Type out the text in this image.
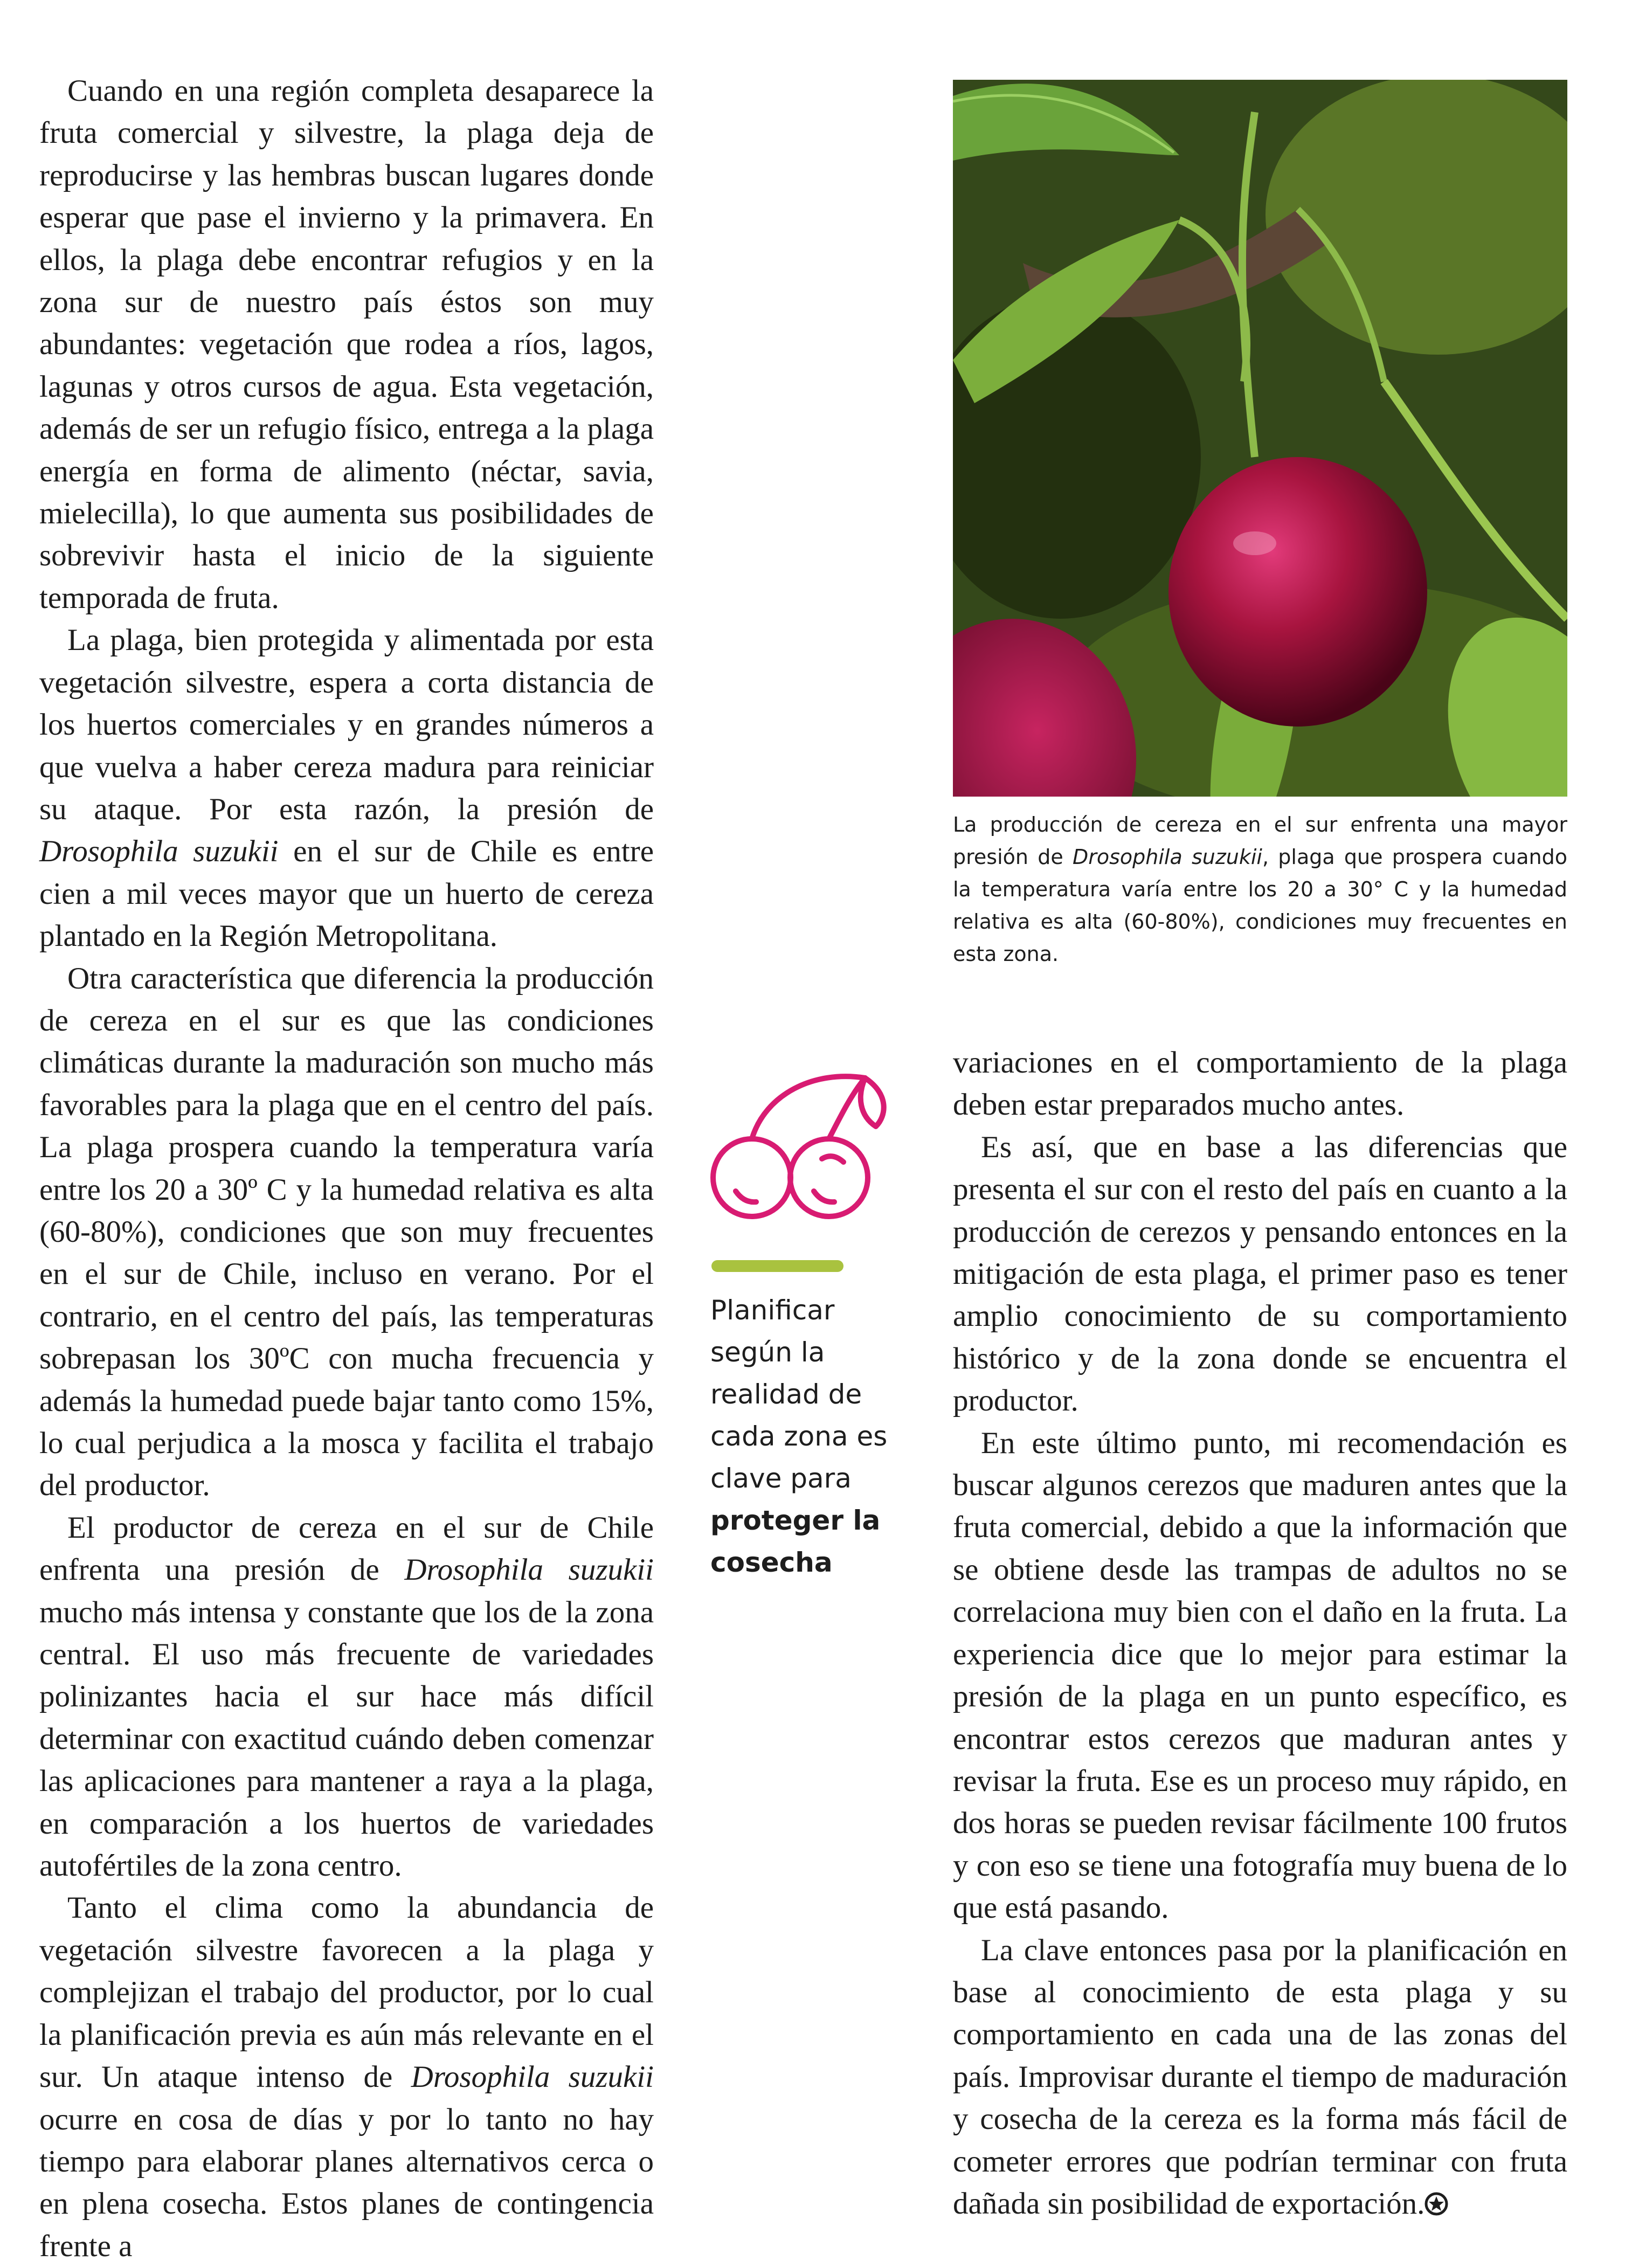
Cuando en una región completa desaparece la fruta comercial y silvestre, la plaga deja de reproducirse y las hembras buscan lugares donde esperar que pase el invierno y la primavera. En ellos, la plaga debe encontrar refugios y en la zona sur de nuestro país éstos son muy abundantes: vegetación que rodea a ríos, lagos, lagunas y otros cursos de agua. Esta vegetación, además de ser un refugio físico, entrega a la plaga energía en forma de alimento (néctar, savia, mielecilla), lo que aumenta sus posibilidades de sobrevivir hasta el inicio de la siguiente temporada de fruta.

La plaga, bien protegida y alimentada por esta vegetación silvestre, espera a corta distancia de los huertos comerciales y en grandes números a que vuelva a haber cereza madura para reiniciar su ataque. Por esta razón, la presión de Drosophila suzukii en el sur de Chile es entre cien a mil veces mayor que un huerto de cereza plantado en la Región Metropolitana.

Otra característica que diferencia la producción de cereza en el sur es que las condiciones climáticas durante la maduración son mucho más favorables para la plaga que en el centro del país. La plaga prospera cuando la temperatura varía entre los 20 a 30º C y la humedad relativa es alta (60-80%), condiciones que son muy frecuentes en el sur de Chile, incluso en verano. Por el contrario, en el centro del país, las temperaturas sobrepasan los 30ºC con mucha frecuencia y además la humedad puede bajar tanto como 15%, lo cual perjudica a la mosca y facilita el trabajo del productor.

El productor de cereza en el sur de Chile enfrenta una presión de Drosophila suzukii mucho más intensa y constante que los de la zona central. El uso más frecuente de variedades polinizantes hacia el sur hace más difícil determinar con exactitud cuándo deben comenzar las aplicaciones para mantener a raya a la plaga, en comparación a los huertos de variedades autofértiles de la zona centro.

Tanto el clima como la abundancia de vegetación silvestre favorecen a la plaga y complejizan el trabajo del productor, por lo cual la planificación previa es aún más relevante en el sur. Un ataque intenso de Drosophila suzukii ocurre en cosa de días y por lo tanto no hay tiempo para elaborar planes alternativos cerca o en plena cosecha. Estos planes de contingencia frente a

La producción de cereza en el sur enfrenta una mayor presión de Drosophila suzukii, plaga que prospera cuando la temperatura varía entre los 20 a 30° C y la humedad relativa es alta (60-80%), condiciones muy frecuentes en esta zona.
Planificar según la realidad de cada zona es clave para proteger la cosecha

variaciones en el comportamiento de la plaga deben estar preparados mucho antes.

Es así, que en base a las diferencias que presenta el sur con el resto del país en cuanto a la producción de cerezos y pensando entonces en la mitigación de esta plaga, el primer paso es tener amplio conocimiento de su comportamiento histórico y de la zona donde se encuentra el productor.

En este último punto, mi recomendación es buscar algunos cerezos que maduren antes que la fruta comercial, debido a que la información que se obtiene desde las trampas de adultos no se correlaciona muy bien con el daño en la fruta. La experiencia dice que lo mejor para estimar la presión de la plaga en un punto específico, es encontrar estos cerezos que maduran antes y revisar la fruta. Ese es un proceso muy rápido, en dos horas se pueden revisar fácilmente 100 frutos y con eso se tiene una fotografía muy buena de lo que está pasando.

La clave entonces pasa por la planificación en base al conocimiento de esta plaga y su comportamiento en cada una de las zonas del país. Improvisar durante el tiempo de maduración y cosecha de la cereza es la forma más fácil de cometer errores que podrían terminar con fruta dañada sin posibilidad de exportación.
